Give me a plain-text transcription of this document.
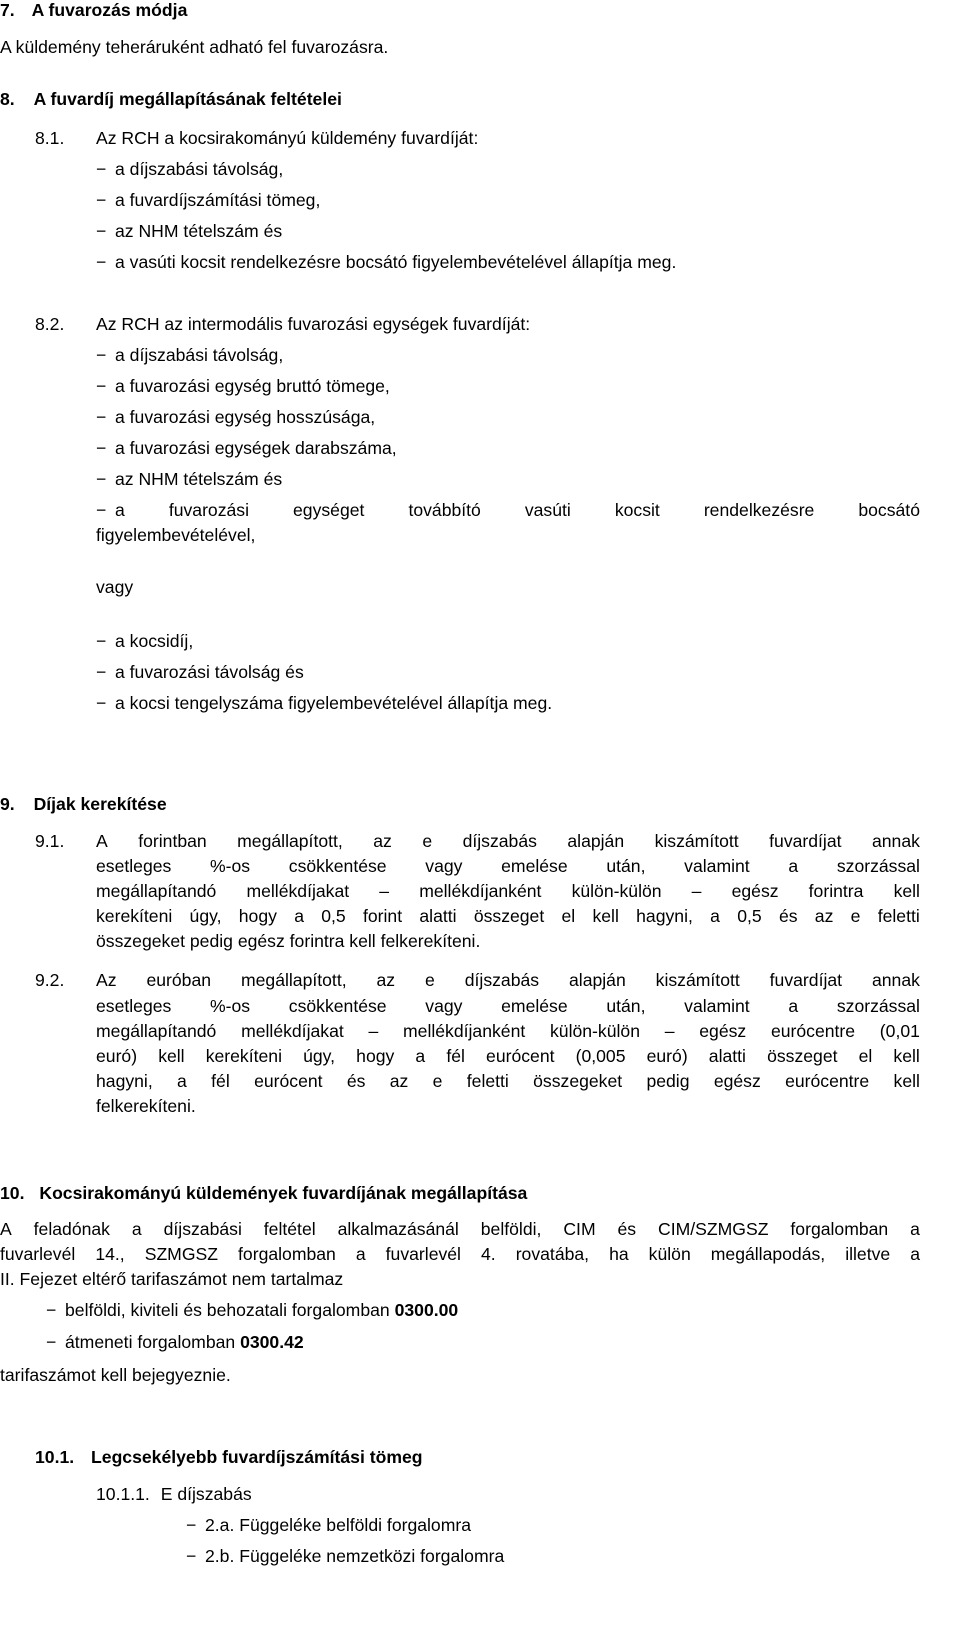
7. A fuvarozás módja
A küldemény teheráruként adható fel fuvarozásra.
8. A fuvardíj megállapításának feltételei
8.1. Az RCH a kocsirakományú küldemény fuvardíját:
− a díjszabási távolság,
− a fuvardíjszámítási tömeg,
− az NHM tételszám és
− a vasúti kocsit rendelkezésre bocsátó figyelembevételével állapítja meg.
8.2. Az RCH az intermodális fuvarozási egységek fuvardíját:
− a díjszabási távolság,
− a fuvarozási egység bruttó tömege,
− a fuvarozási egység hosszúsága,
− a fuvarozási egységek darabszáma,
− az NHM tételszám és
− a	fuvarozási	egységet	továbbító	vasúti	kocsit	rendelkezésre	bocsátó
figyelembevételével,
vagy
− a kocsidíj,
− a fuvarozási távolság és
− a kocsi tengelyszáma figyelembevételével állapítja meg.
9. Díjak kerekítése
9.1. A forintban megállapított, az e díjszabás alapján kiszámított fuvardíjat annak
esetleges %-os csökkentése vagy emelése után, valamint a szorzással
megállapítandó mellékdíjakat – mellékdíjanként külön-külön – egész forintra kell
kerekíteni úgy, hogy a 0,5 forint alatti összeget el kell hagyni, a 0,5 és az e feletti
összegeket pedig egész forintra kell felkerekíteni.
9.2. Az euróban megállapított, az e díjszabás alapján kiszámított fuvardíjat annak
esetleges %-os csökkentése vagy emelése után, valamint a szorzással
megállapítandó mellékdíjakat – mellékdíjanként külön-külön – egész eurócentre (0,01
euró) kell kerekíteni úgy, hogy a fél eurócent (0,005 euró) alatti összeget el kell
hagyni, a fél eurócent és az e feletti összegeket pedig egész eurócentre kell
felkerekíteni.
10. Kocsirakományú küldemények fuvardíjának megállapítása
A feladónak a díjszabási feltétel alkalmazásánál belföldi, CIM és CIM/SZMGSZ forgalomban a
fuvarlevél 14., SZMGSZ forgalomban a fuvarlevél 4. rovatába, ha külön megállapodás, illetve a
II. Fejezet eltérő tarifaszámot nem tartalmaz
− belföldi, kiviteli és behozatali forgalomban 0300.00
− átmeneti forgalomban 0300.42
tarifaszámot kell bejegyeznie.
10.1. Legcsekélyebb fuvardíjszámítási tömeg
10.1.1. E díjszabás
− 2.a. Függeléke belföldi forgalomra
− 2.b. Függeléke nemzetközi forgalomra
